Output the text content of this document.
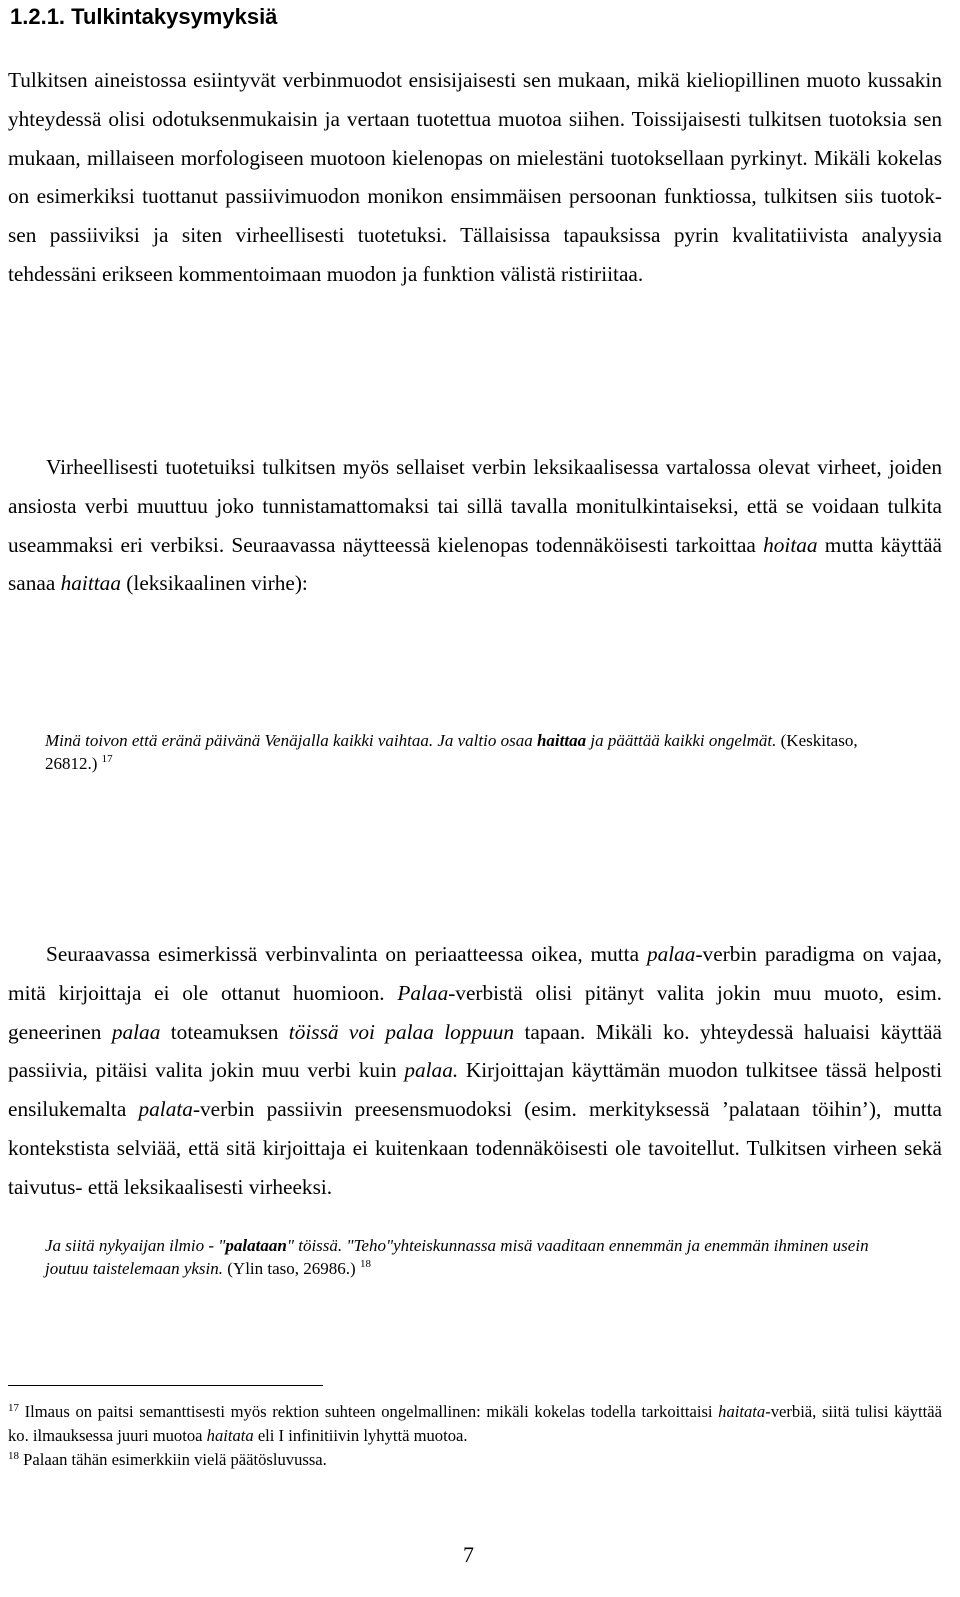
1.2.1. Tulkintakysymyksiä

Tulkitsen aineistossa esiintyvät verbinmuodot ensisijaisesti sen mukaan, mikä kieliopillinen muoto kussakin yhteydessä olisi odotuksenmukaisin ja vertaan tuotettua muotoa siihen. Toissijaisesti tulkitsen tuotoksia sen mukaan, millaiseen morfologiseen muotoon kielenopas on mielestäni tuotoksellaan pyrkinyt. Mikäli kokelas on esimerkiksi tuottanut passiivimuodon monikon ensimmäisen persoonan funktiossa, tulkitsen siis tuotoksen passiiviksi ja siten virheellisesti tuotetuksi. Tällaisissa tapauksissa pyrin kvalitatiivista analyysia tehdessäni erikseen kommentoimaan muodon ja funktion välistä ristiriitaa.

Virheellisesti tuotetuiksi tulkitsen myös sellaiset verbin leksikaalisessa vartalossa olevat virheet, joiden ansiosta verbi muuttuu joko tunnistamattomaksi tai sillä tavalla monitulkintaiseksi, että se voidaan tulkita useammaksi eri verbiksi. Seuraavassa näytteessä kielenopas todennäköisesti tarkoittaa hoitaa mutta käyttää sanaa haittaa (leksikaalinen virhe):

Minä toivon että eränä päivänä Venäjalla kaikki vaihtaa. Ja valtio osaa haittaa ja päättää kaikki ongelmät. (Keskitaso, 26812.) $^{17}$

Seuraavassa esimerkissä verbinvalinta on periaatteessa oikea, mutta palaa-verbin paradigma on vajaa, mitä kirjoittaja ei ole ottanut huomioon. Palaa-verbistä olisi pitänyt valita jokin muu muoto, esim. geneerinen palaa toteamuksen töissä voi palaa loppuun tapaan. Mikäli ko. yhteydessä haluaisi käyttää passiivia, pitäisi valita jokin muu verbi kuin palaa. Kirjoittajan käyttämän muodon tulkitsee tässä helposti ensilukemalta palata-verbin passiivin preesensmuodoksi (esim. merkityksessä ’palataan töihin’), mutta kontekstista selviää, että sitä kirjoittaja ei kuitenkaan todennäköisesti ole tavoitellut. Tulkitsen virheen sekä taivutus- että leksikaalisesti virheeksi.

Ja siitä nykyaijan ilmio - "palataan" töissä. "Teho"yhteiskunnassa misä vaaditaan ennemmän ja enemmän ihminen usein joutuu taistelemaan yksin. (Ylin taso, 26986.) $^{18}$

$^{17}$ Ilmaus on paitsi semanttisesti myös rektion suhteen ongelmallinen: mikäli kokelas todella tarkoittaisi haitata-verbiä, siitä tulisi käyttää ko. ilmauksessa juuri muotoa haitata eli I infinitiivin lyhyttä muotoa.

$^{18}$ Palaan tähän esimerkkiin vielä päätösluvussa.

7
